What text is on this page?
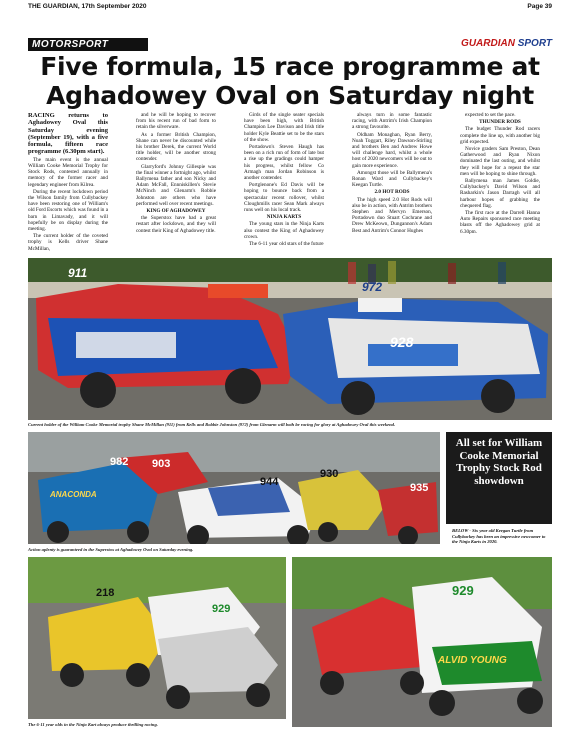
THE GUARDIAN, 17th September 2020	Page 39
MOTORSPORT	GUARDIAN SPORT
Five formula, 15 race programme at Aghadowey Oval on Saturday night

RACING returns to Aghadowey Oval this Saturday evening (September 19), with a five formula, fifteen race programme (6.30pm start).

The main event is the annual William Cooke Memorial Trophy for Stock Rods, contested annually in memory of the former racer and legendary engineer from Kilrea.

During the recent lockdown period the Wilson family from Cullybackey have been restoring one of William's old Ford Escorts which was found in a barn in Limavady, and it will hopefully be on display during the meeting.

The current holder of the coveted trophy is Kells driver Shane McMillan,

and he will be hoping to recover from his recent run of bad form to retain the silverware.

As a former British Champion, Shane can never be discounted while his brother Derek, the current World title holder, will be another strong contender.

Glarryford's Johnny Gillespie was the final winner a fortnight ago, whilst Ballymena father and son Nicky and Adam McFall, Ennniskillen's Stevie McNinch and Glenarm's Robbie Johnston are others who have performed well over recent meetings.

KING OF AGHADOWEY

the Superstox have had a great restart after lockdown, and they will contest their King of Aghadowey title.

Girds of the single seater specials have been high, with British Champion Lee Davison and Irish title holder Kyle Beattie set to be the stars of the show.

Portadown's Steven Haugh has been on a rich run of form of late but a rise up the gradings could hamper his progress, whilst fellow Co Armagh man Jordan Robinson is another contender.

Portglenone's Ed Davis will be hoping to bounce back from a spectacular recent rollover, whilst Cloughmills racer Sean Mark always runs well on his local track.

NINJA KARTS

The young stars in the Ninja Karts also contest the King of Aghadowey crown.

The 6-11 year old stars of the future

always turn in some fantastic racing, with Antrim's Irish Champion a strong favourite.

Oldham Monaghan, Ryan Berry, Noah Toggart, Riley Dawson-Stirling and brothers Ben and Andrew Howe will challenge hard, whilst a whole host of 2020 newcomers will be out to gain more experience.

Amongst those will be Ballymena's Ronan Ward and Cullybackey's Keegan Turtle.

2.0 HOT RODS

The high speed 2.0 Hot Rods will also be in action, with Antrim brothers Stephen and Mervyn Emerson, Portadown duo Stuart Cochrane and Drew McKeown, Dungannon's Adam Best and Antrim's Connor Hughes

expected to set the pace.

THUNDER RODS

The budget Thunder Rod racers complete the line up, with another big grid expected.

Novice graders Sam Preston, Dean Gatherwood and Ryan Nixon dominated the last outing, and whilst they will hope for a repeat the star men will be hoping to shine through.

Ballymena man James Goldie, Cullybackey's David Wilson and Rasharkin's Jason Darragh will all harbour hopes of grabbing the chequered flag.

The first race at the Darrell Hanna Auto Repairs sponsored race meeting blasts off the Aghadowey grid at 6.30pm.

911
972
928
Current holder of the William Cooke Memorial trophy Shane McMillan (911) from Kells and Robbie Johnston (972) from Glenarm will both be racing for glory at Aghadowey Oval this weekend.
982 903
944
930
935
ANACONDA
Action aplenty is guaranteed in the Superstox at Aghadowey Oval on Saturday evening.
All set for William Cooke Memorial Trophy Stock Rod showdown
BELOW - Six year old Keegan Turtle from Cullybackey has been an impressive newcomer to the Ninja Karts in 2020.
218
929
The 6-11 year olds in the Ninja Kart always produce thrilling racing.
929
ALVID YOUNG
